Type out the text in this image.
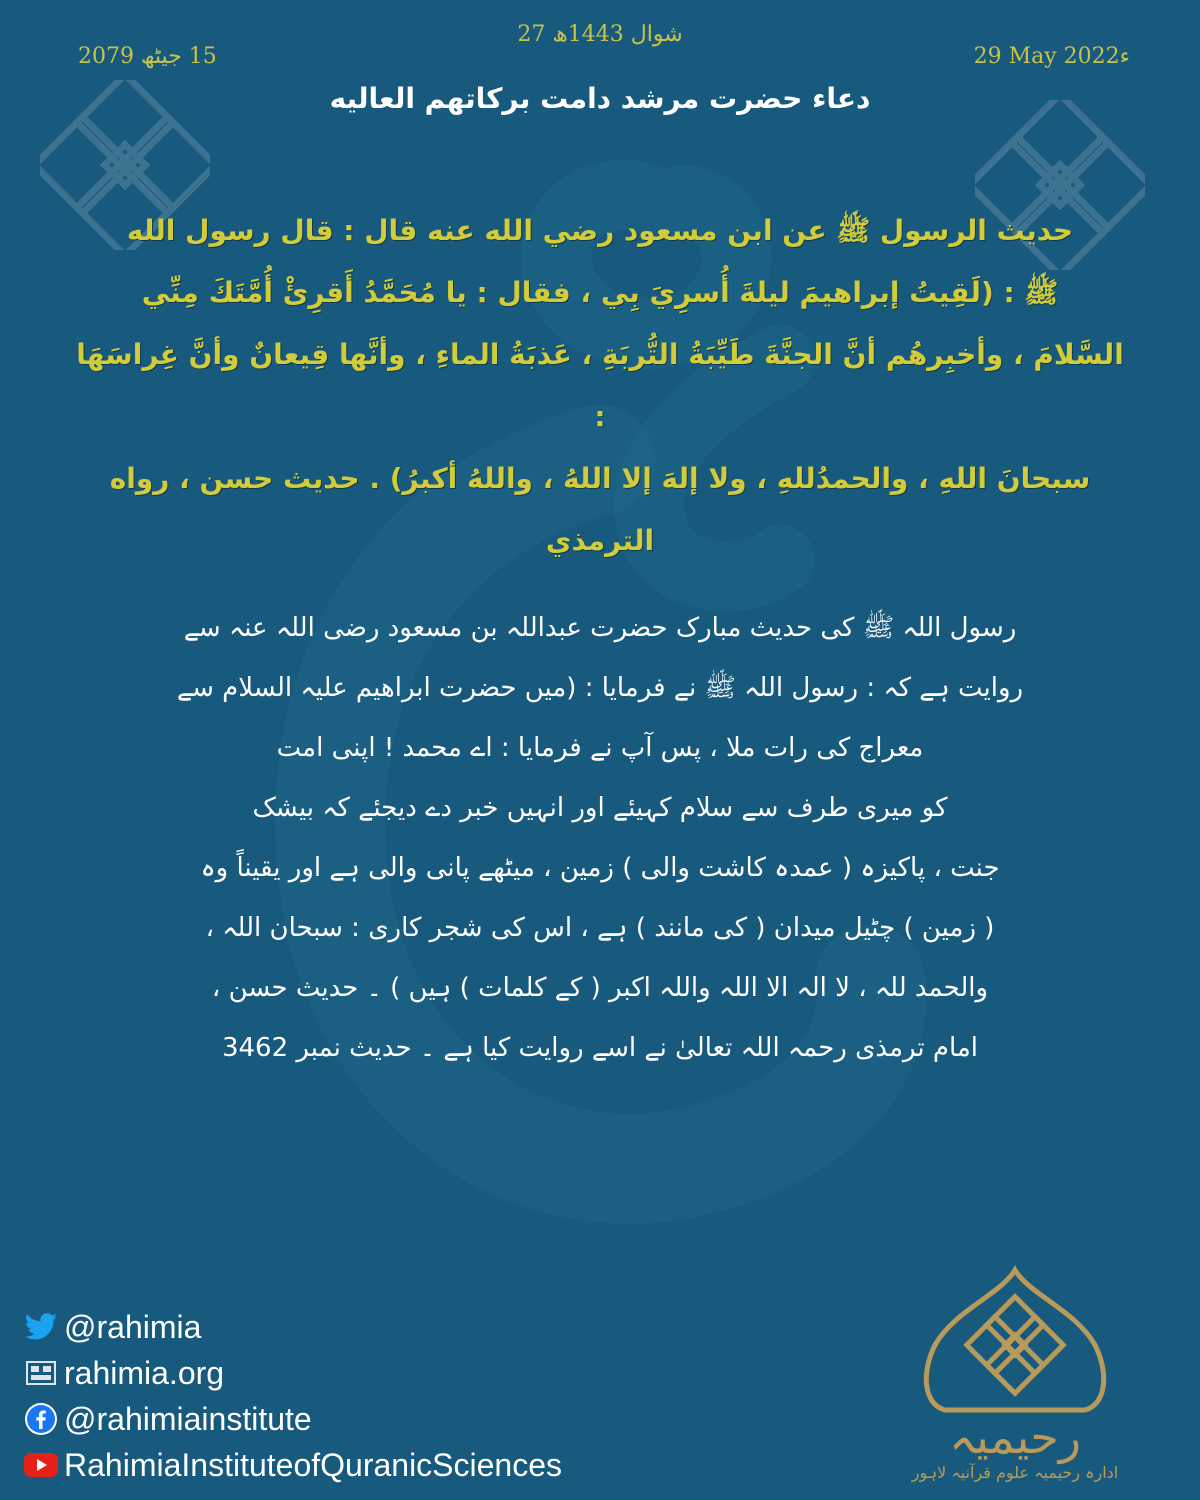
27 شوال 1443ھ
15 جیٹھ 2079	29 May 2022ء
دعاء حضرت مرشد دامت برکاتهم العالیه
حديث الرسول ﷺ عن ابن مسعود رضي الله عنه قال : قال رسول الله
ﷺ : (لَقِيتُ إبراهيمَ ليلةَ أُسرِيَ بِي ، فقال : يا مُحَمَّدُ أَقرِئْ أُمَّتَكَ مِنِّي
السَّلامَ ، وأخبِرهُم أنَّ الجنَّةَ طَيِّبَةُ التُّربَةِ ، عَذبَةُ الماءِ ، وأنَّها قِيعانٌ وأنَّ غِراسَهَا :
سبحانَ اللهِ ، والحمدُللهِ ، ولا إلهَ إلا اللهُ ، واللهُ أكبرُ) . حديث حسن ، رواه الترمذي
رسول اللہ ﷺ کی حدیث مبارک حضرت عبداللہ بن مسعود رضی اللہ عنہ سے
روایت ہے کہ : رسول اللہ ﷺ نے فرمایا : (میں حضرت ابراھیم علیہ السلام سے
معراج کی رات ملا ، پس آپ نے فرمایا : اے محمد ! اپنی امت
کو میری طرف سے سلام کہیئے اور انہیں خبر دے دیجئے کہ بیشک
جنت ، پاکیزہ ( عمدہ کاشت والی ) زمین ، میٹھے پانی والی ہے اور یقیناً وہ
( زمین ) چٹیل میدان ( کی مانند ) ہے ، اس کی شجر کاری : سبحان اللہ ،
والحمد للہ ، لا الہ الا اللہ واللہ اکبر ( کے کلمات ) ہیں ) ۔ حدیث حسن ،
امام ترمذی رحمہ اللہ تعالیٰ نے اسے روایت کیا ہے ۔ حدیث نمبر 3462
@rahimia
rahimia.org
@rahimiainstitute
RahimiaInstituteofQuranicSciences
رحیمیہ
ادارہ رحیمیہ علوم قرآنیہ لاہور
